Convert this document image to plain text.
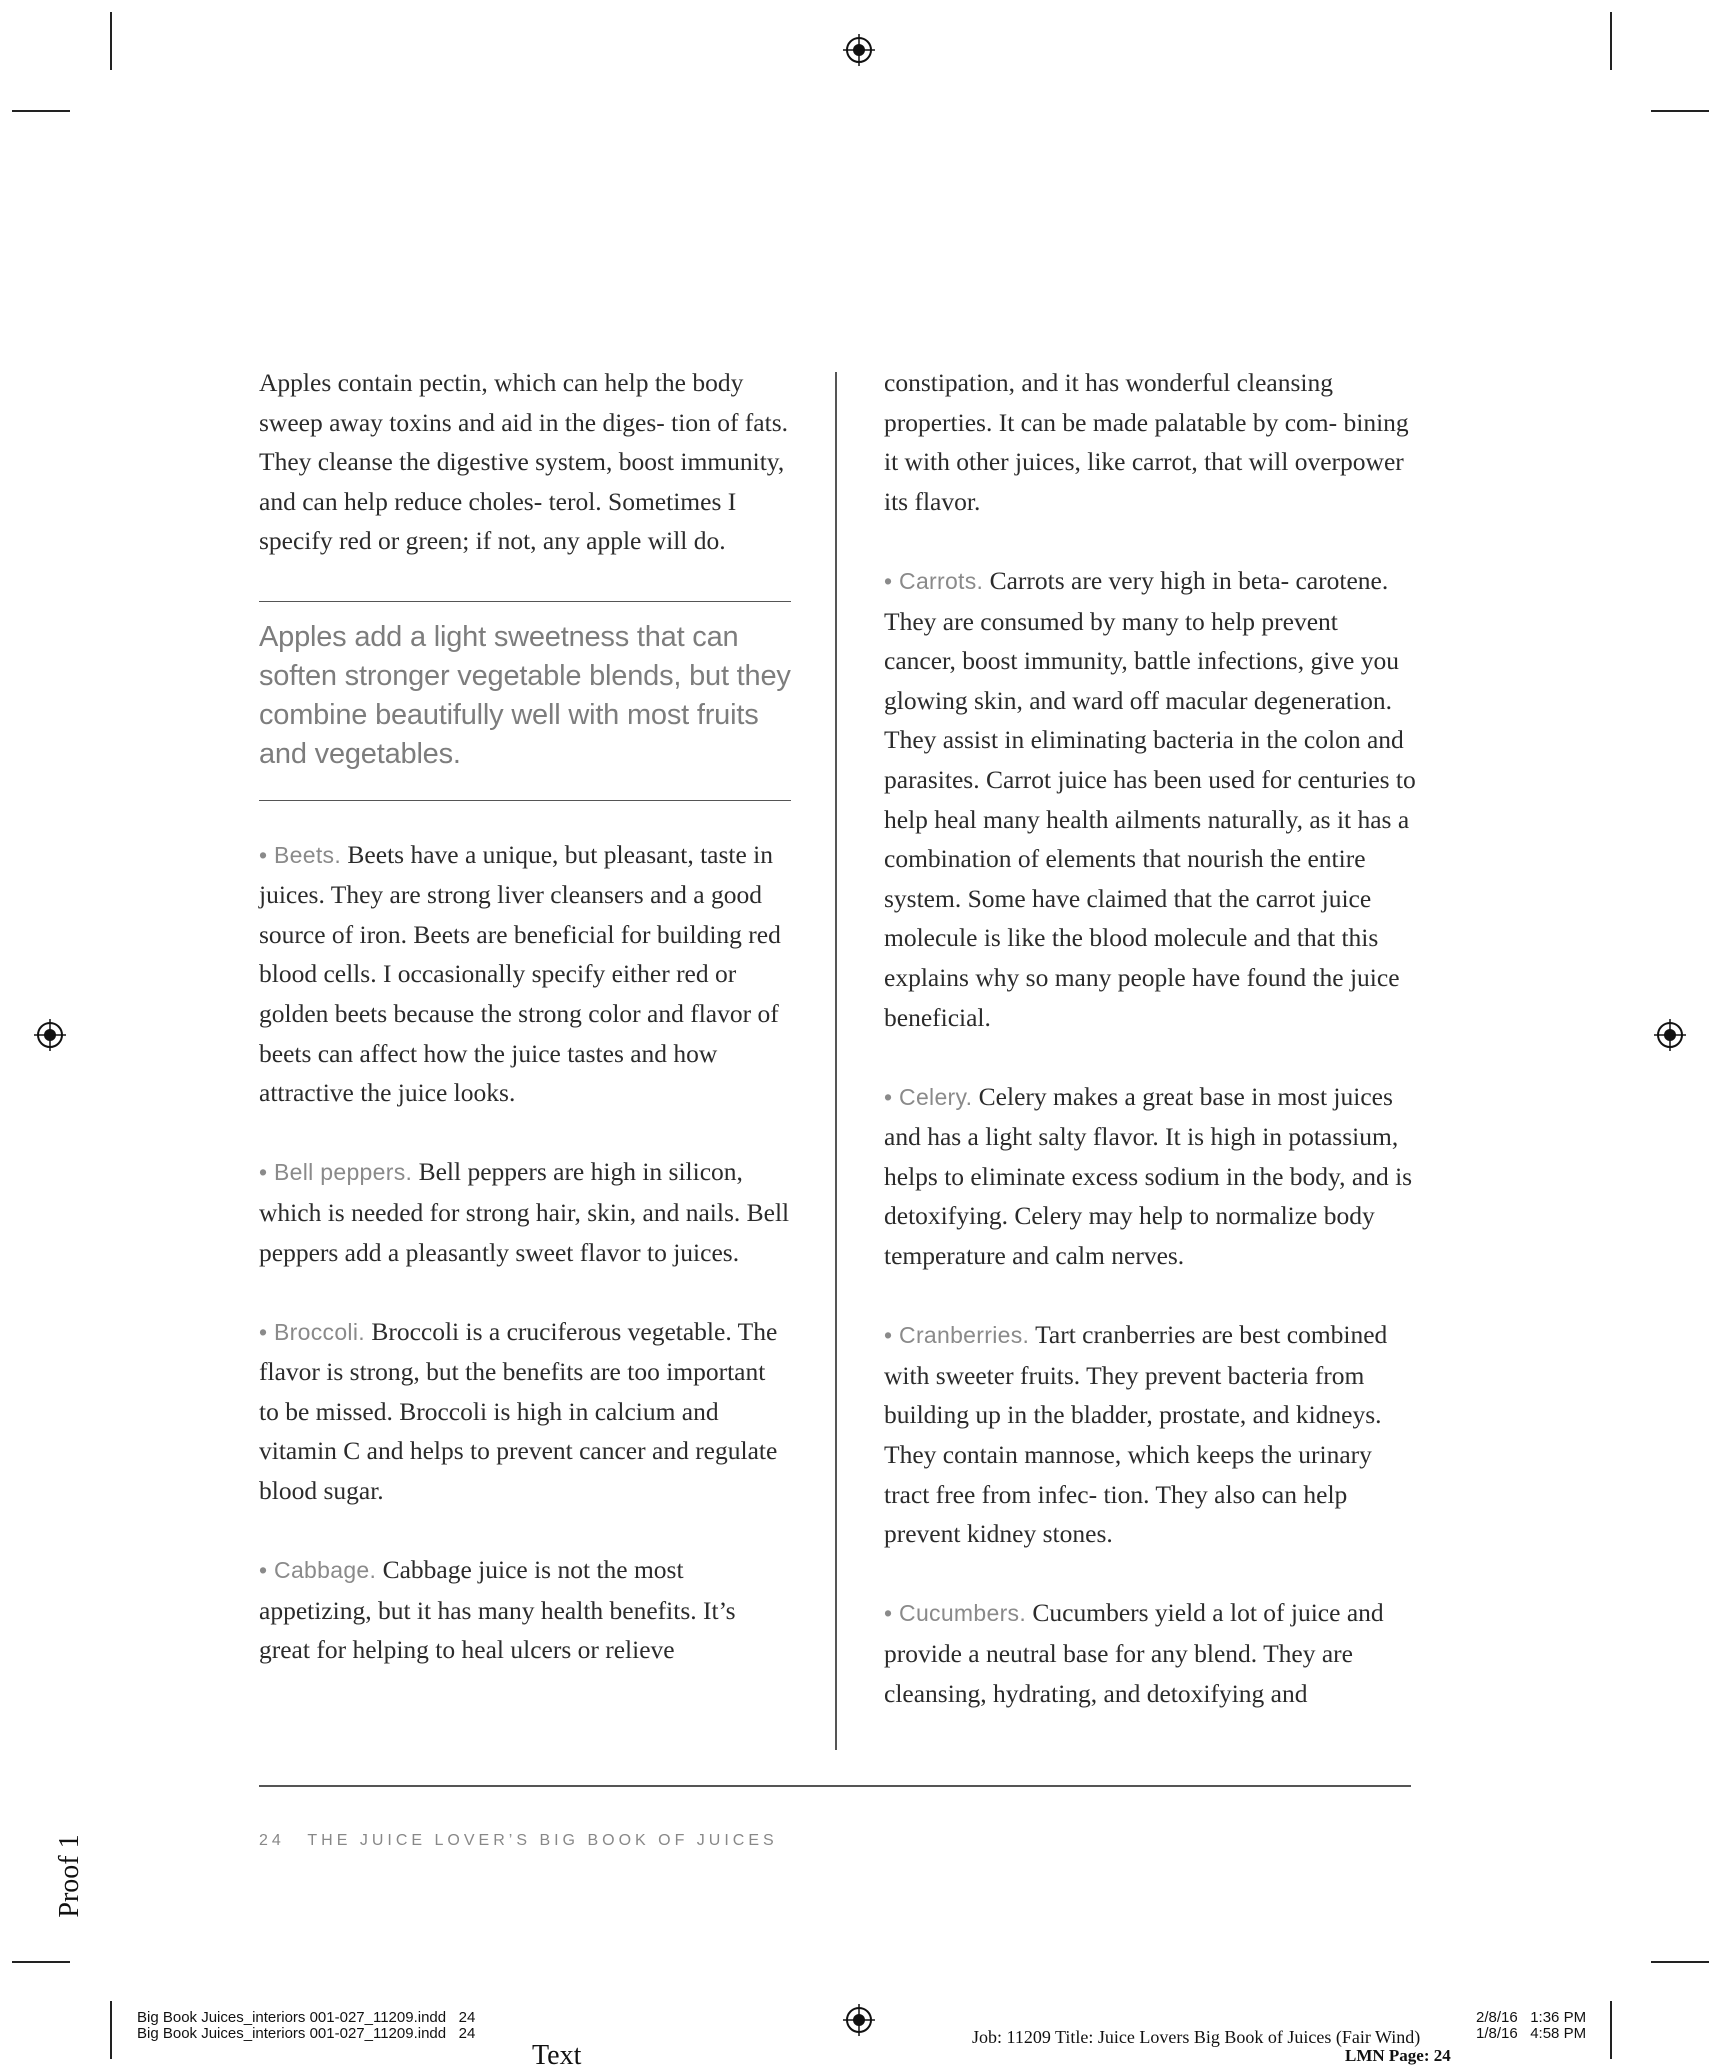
Apples contain pectin, which can help the body sweep away toxins and aid in the diges- tion of fats. They cleanse the digestive system, boost immunity, and can help reduce choles- terol. Sometimes I specify red or green; if not, any apple will do.

Apples add a light sweetness that can soften stronger vegetable blends, but they combine beautifully well with most fruits and vegetables.

• Beets. Beets have a unique, but pleasant, taste in juices. They are strong liver cleansers and a good source of iron. Beets are beneficial for building red blood cells. I occasionally specify either red or golden beets because the strong color and flavor of beets can affect how the juice tastes and how attractive the juice looks.

• Bell peppers. Bell peppers are high in silicon, which is needed for strong hair, skin, and nails. Bell peppers add a pleasantly sweet flavor to juices.

• Broccoli. Broccoli is a cruciferous vegetable. The flavor is strong, but the benefits are too important to be missed. Broccoli is high in calcium and vitamin C and helps to prevent cancer and regulate blood sugar.

• Cabbage. Cabbage juice is not the most appetizing, but it has many health benefits. It’s great for helping to heal ulcers or relieve

constipation, and it has wonderful cleansing properties. It can be made palatable by com- bining it with other juices, like carrot, that will overpower its flavor.

• Carrots. Carrots are very high in beta- carotene. They are consumed by many to help prevent cancer, boost immunity, battle infections, give you glowing skin, and ward off macular degeneration. They assist in eliminating bacteria in the colon and parasites. Carrot juice has been used for centuries to help heal many health ailments naturally, as it has a combination of elements that nourish the entire system. Some have claimed that the carrot juice molecule is like the blood molecule and that this explains why so many people have found the juice beneficial.

• Celery. Celery makes a great base in most juices and has a light salty flavor. It is high in potassium, helps to eliminate excess sodium in the body, and is detoxifying. Celery may help to normalize body temperature and calm nerves.

• Cranberries. Tart cranberries are best combined with sweeter fruits. They prevent bacteria from building up in the bladder, prostate, and kidneys. They contain mannose, which keeps the urinary tract free from infec- tion. They also can help prevent kidney stones.

• Cucumbers. Cucumbers yield a lot of juice and provide a neutral base for any blend. They are cleansing, hydrating, and detoxifying and

24 THE JUICE LOVER’S BIG BOOK OF JUICES
Proof 1
Big Book Juices_interiors 001-027_11209.indd   24
Big Book Juices_interiors 001-027_11209.indd   24
Text
Job: 11209 Title: Juice Lovers Big Book of Juices (Fair Wind)
LMN Page: 24
2/8/16   1:36 PM
1/8/16   4:58 PM
